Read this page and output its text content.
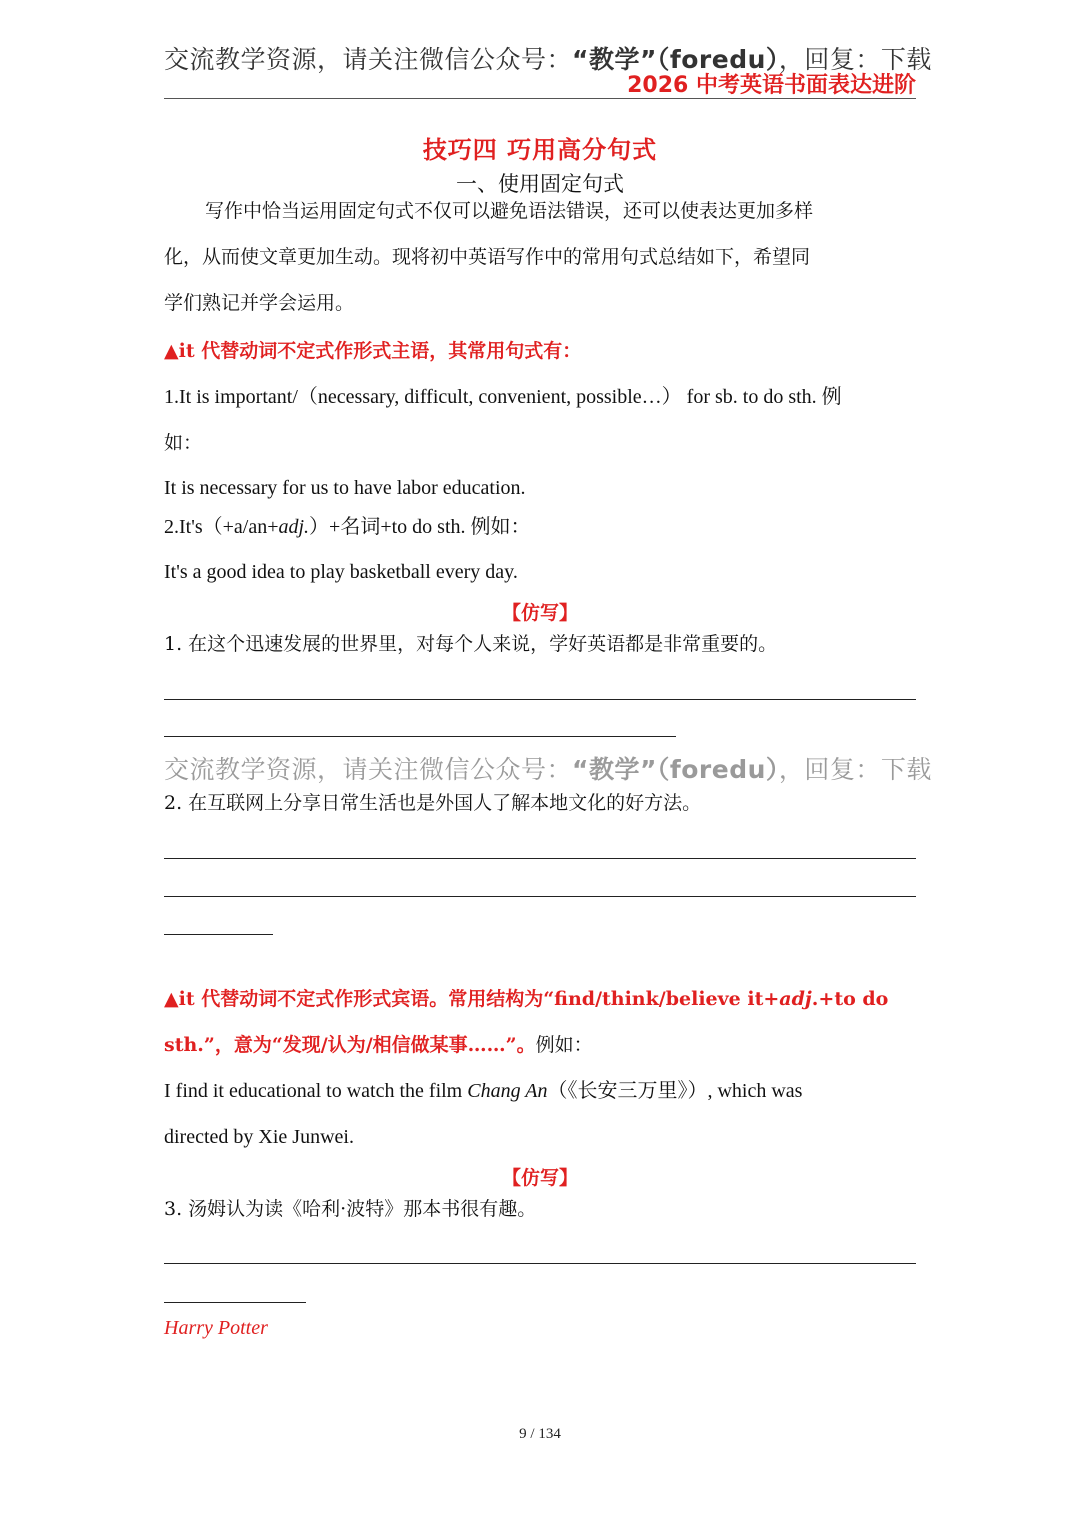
交流教学资源，请关注微信公众号：“教学”（foredu），回复：下载
2026 中考英语书面表达进阶
技巧四 巧用高分句式
一、使用固定句式
写作中恰当运用固定句式不仅可以避免语法错误，还可以使表达更加多样
化，从而使文章更加生动。现将初中英语写作中的常用句式总结如下，希望同
学们熟记并学会运用。
▲it 代替动词不定式作形式主语，其常用句式有：
1.It is important/（necessary, difficult, convenient, possible…） for sb. to do sth. 例
如：
It is necessary for us to have labor education.
2.It's（+a/an+adj.）+名词+to do sth. 例如：
It's a good idea to play basketball every day.
【仿写】
1. 在这个迅速发展的世界里，对每个人来说，学好英语都是非常重要的。
交流教学资源，请关注微信公众号：“教学”（foredu），回复：下载
2. 在互联网上分享日常生活也是外国人了解本地文化的好方法。
▲it 代替动词不定式作形式宾语。常用结构为“find/think/believe it+adj.+to do
sth.”，意为“发现/认为/相信做某事……”。例如：
I find it educational to watch the film Chang An（《长安三万里》）, which was
directed by Xie Junwei.
【仿写】
3. 汤姆认为读《哈利·波特》那本书很有趣。
Harry Potter
9 / 134
